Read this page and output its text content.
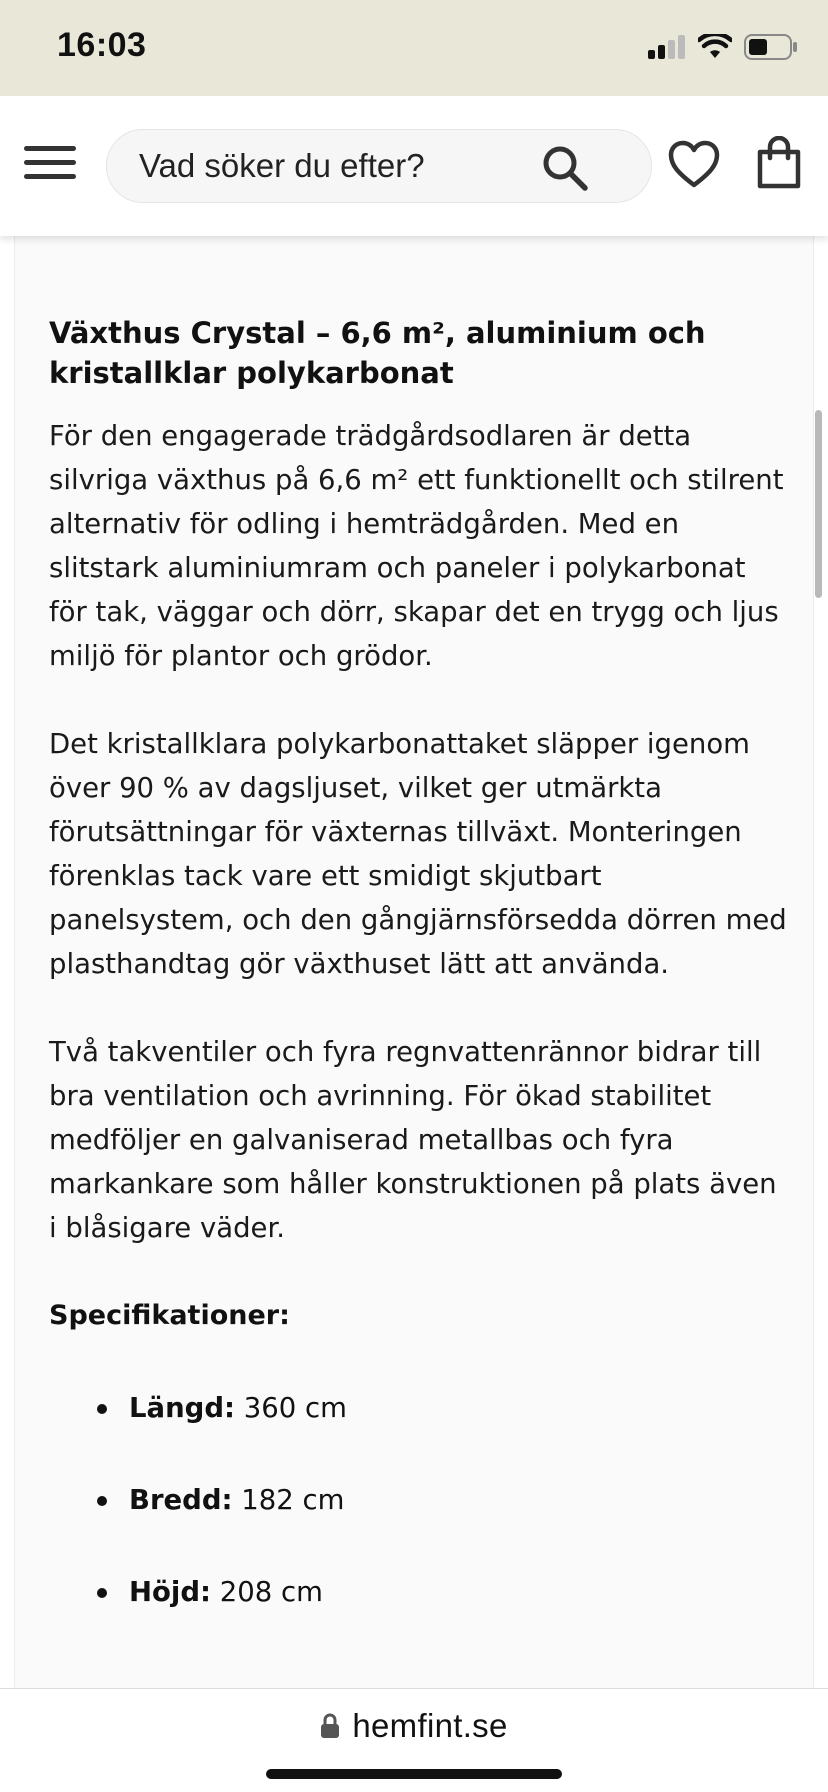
16:03
Vad söker du efter?
Växthus Crystal – 6,6 m², aluminium och kristallklar polykarbonat

För den engagerade trädgårdsodlaren är detta silvriga växthus på 6,6 m² ett funktionellt och stilrent alternativ för odling i hemträdgården. Med en slitstark aluminiumram och paneler i polykarbonat för tak, väggar och dörr, skapar det en trygg och ljus miljö för plantor och grödor.

Det kristallklara polykarbonattaket släpper igenom över 90 % av dagsljuset, vilket ger utmärkta förutsättningar för växternas tillväxt. Monteringen förenklas tack vare ett smidigt skjutbart panelsystem, och den gångjärnsförsedda dörren med plasthandtag gör växthuset lätt att använda.

Två takventiler och fyra regnvattenrännor bidrar till bra ventilation och avrinning. För ökad stabilitet medföljer en galvaniserad metallbas och fyra markankare som håller konstruktionen på plats även i blåsigare väder.

Specifikationer:

Längd: 360 cm
Bredd: 182 cm
Höjd: 208 cm
hemfint.se
